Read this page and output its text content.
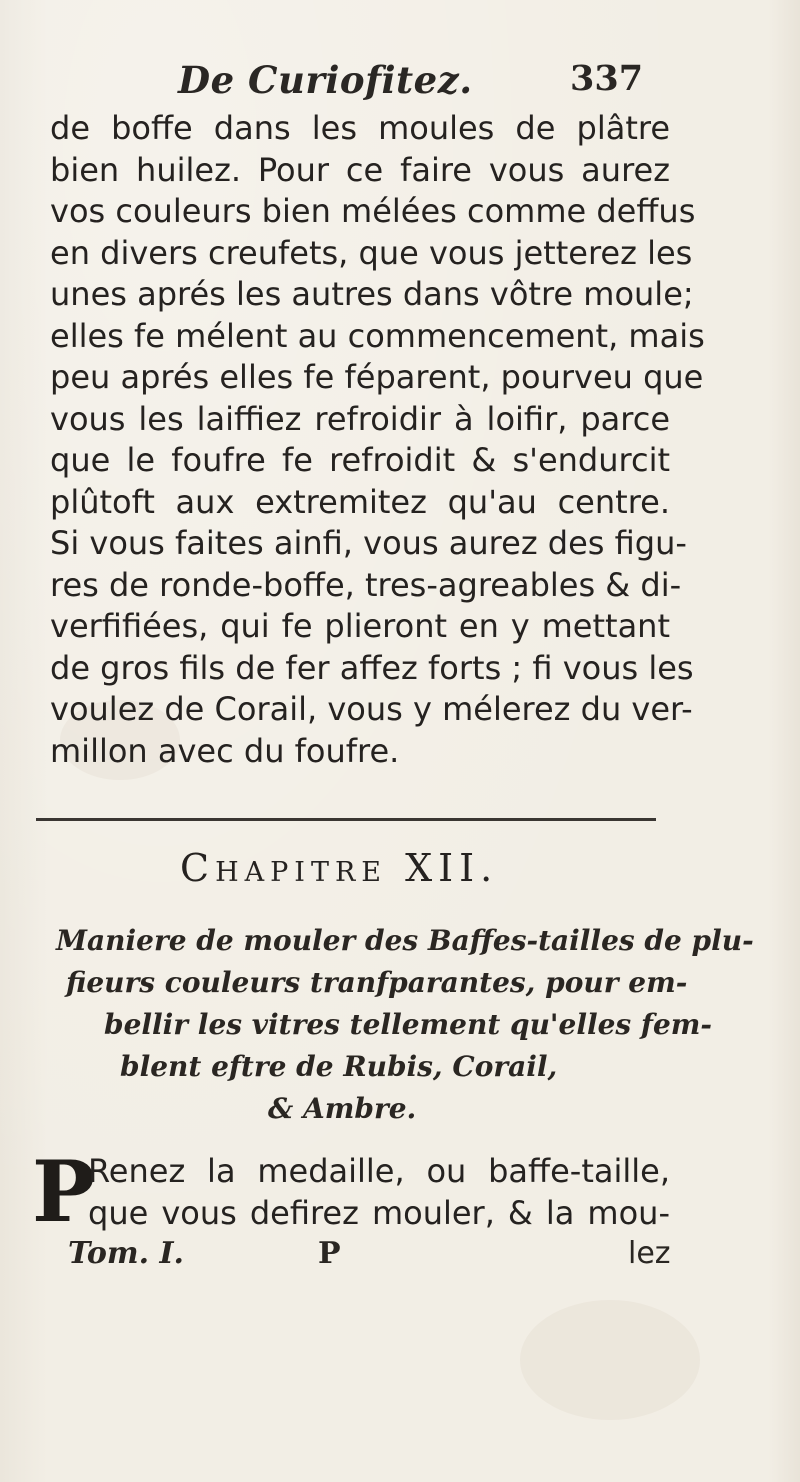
De Curiofitez.	337
de boffe dans les moules de plâtre
bien huilez. Pour ce faire vous aurez
vos couleurs bien mélées comme deffus
en divers creufets, que vous jetterez les
unes aprés les autres dans vôtre moule;
elles fe mélent au commencement, mais
peu aprés elles fe féparent, pourveu que
vous les laiffiez refroidir à loifir, parce
que le foufre fe refroidit & s'endurcit
plûtoft aux extremitez qu'au centre.
Si vous faites ainfi, vous aurez des figu-
res de ronde-boffe, tres-agreables & di-
verfifiées, qui fe plieront en y mettant
de gros fils de fer affez forts ; fi vous les
voulez de Corail, vous y mélerez du ver-
millon avec du foufre.
Chapitre XII.
Maniere de mouler des Baffes-tailles de plu-
fieurs couleurs tranfparantes, pour em-
bellir les vitres tellement qu'elles fem-
blent eftre de Rubis, Corail,
& Ambre.
P
Renez la medaille, ou baffe-taille,
que vous defirez mouler, & la mou-
Tom. I.	P	lez
